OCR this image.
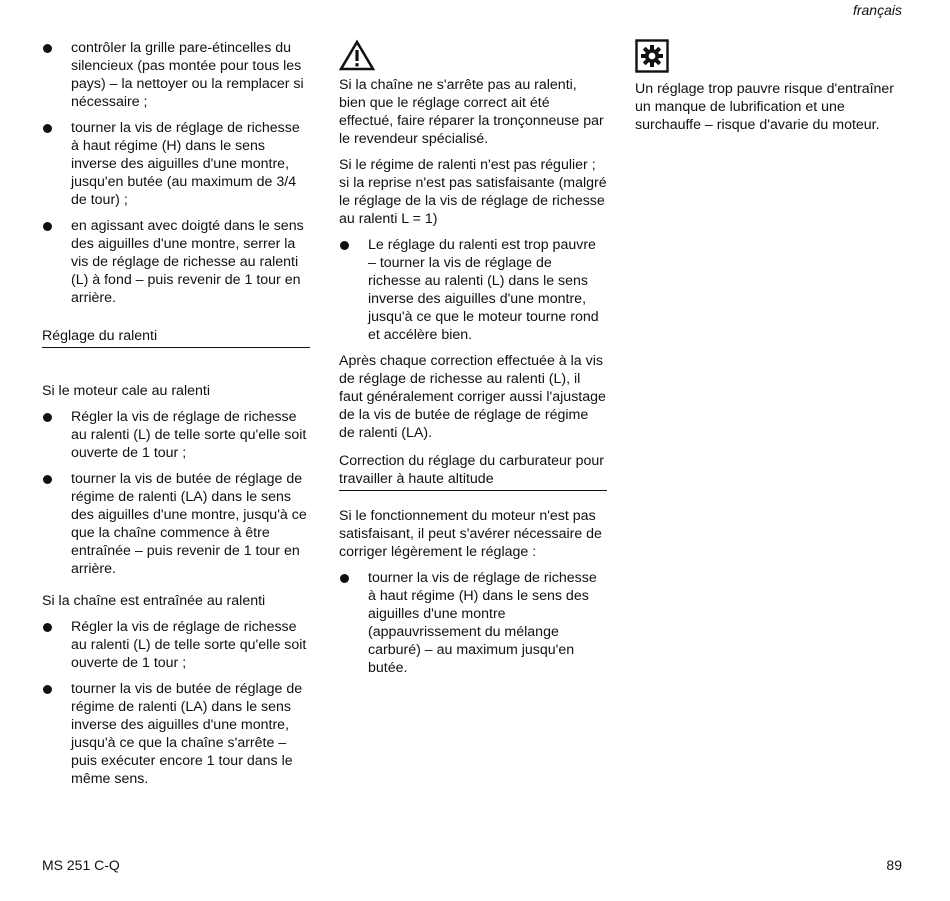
français
contrôler la grille pare-étincelles du silencieux (pas montée pour tous les pays) – la nettoyer ou la remplacer si nécessaire ;
tourner la vis de réglage de richesse à haut régime (H) dans le sens inverse des aiguilles d'une montre, jusqu'en butée (au maximum de 3/4 de tour) ;
en agissant avec doigté dans le sens des aiguilles d'une montre, serrer la vis de réglage de richesse au ralenti (L) à fond – puis revenir de 1 tour en arrière.

Réglage du ralenti

Si le moteur cale au ralenti

Régler la vis de réglage de richesse au ralenti (L) de telle sorte qu'elle soit ouverte de 1 tour ;
tourner la vis de butée de réglage de régime de ralenti (LA) dans le sens des aiguilles d'une montre, jusqu'à ce que la chaîne commence à être entraînée – puis revenir de 1 tour en arrière.

Si la chaîne est entraînée au ralenti

Régler la vis de réglage de richesse au ralenti (L) de telle sorte qu'elle soit ouverte de 1 tour ;
tourner la vis de butée de réglage de régime de ralenti (LA) dans le sens inverse des aiguilles d'une montre, jusqu'à ce que la chaîne s'arrête – puis exécuter encore 1 tour dans le même sens.

Si la chaîne ne s'arrête pas au ralenti, bien que le réglage correct ait été effectué, faire réparer la tronçonneuse par le revendeur spécialisé.

Si le régime de ralenti n'est pas régulier ; si la reprise n'est pas satisfaisante (malgré le réglage de la vis de réglage de richesse au ralenti L = 1)

Le réglage du ralenti est trop pauvre – tourner la vis de réglage de richesse au ralenti (L) dans le sens inverse des aiguilles d'une montre, jusqu'à ce que le moteur tourne rond et accélère bien.

Après chaque correction effectuée à la vis de réglage de richesse au ralenti (L), il faut généralement corriger aussi l'ajustage de la vis de butée de réglage de régime de ralenti (LA).

Correction du réglage du carburateur pour travailler à haute altitude

Si le fonctionnement du moteur n'est pas satisfaisant, il peut s'avérer nécessaire de corriger légèrement le réglage :

tourner la vis de réglage de richesse à haut régime (H) dans le sens des aiguilles d'une montre (appauvrissement du mélange carburé) – au maximum jusqu'en butée.

Un réglage trop pauvre risque d'entraîner un manque de lubrification et une surchauffe – risque d'avarie du moteur.

MS 251 C-Q	89
